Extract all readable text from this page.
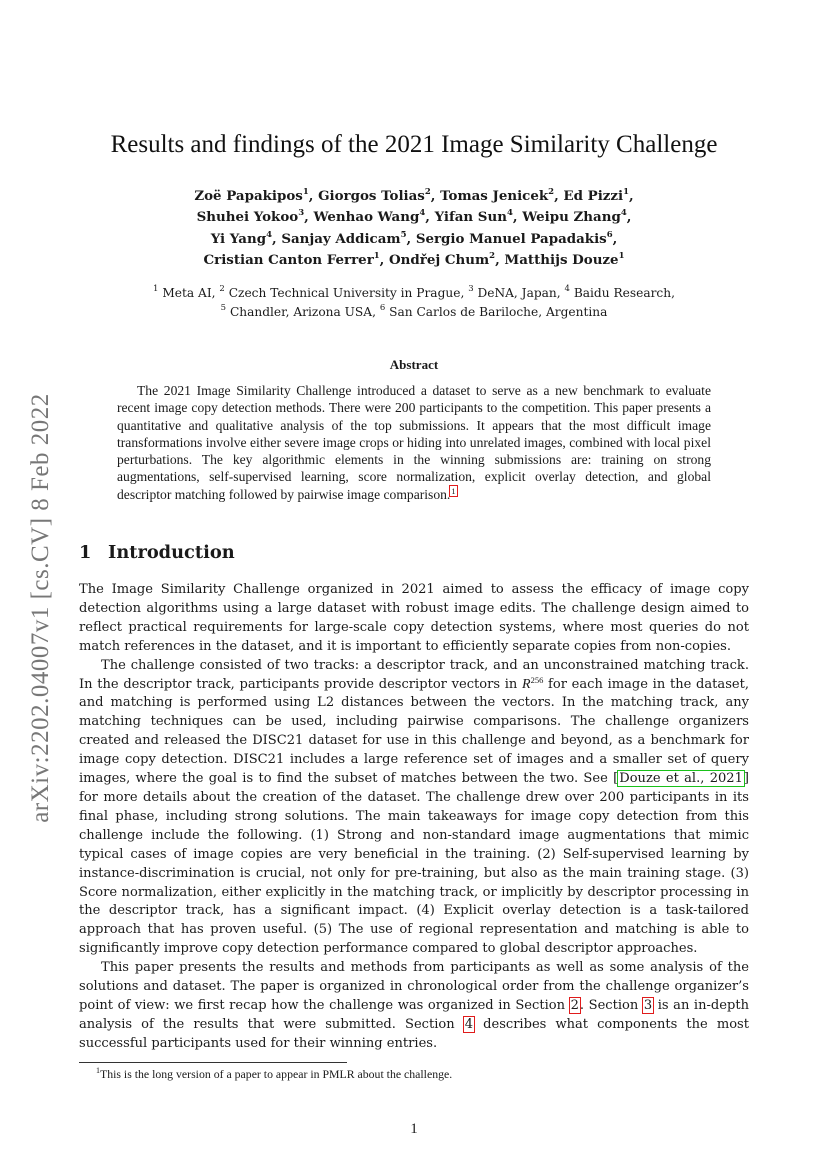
arXiv:2202.04007v1 [cs.CV] 8 Feb 2022
Results and findings of the 2021 Image Similarity Challenge
Zoë Papakipos$^1$, Giorgos Tolias$^2$, Tomas Jenicek$^2$, Ed Pizzi$^1$,
Shuhei Yokoo$^3$, Wenhao Wang$^4$, Yifan Sun$^4$, Weipu Zhang$^4$,
Yi Yang$^4$, Sanjay Addicam$^5$, Sergio Manuel Papadakis$^6$,
Cristian Canton Ferrer$^1$, Ondřej Chum$^2$, Matthijs Douze$^1$
$^1$ Meta AI, $^2$ Czech Technical University in Prague, $^3$ DeNA, Japan, $^4$ Baidu Research, $^5$ Chandler, Arizona USA, $^6$ San Carlos de Bariloche, Argentina
Abstract

The 2021 Image Similarity Challenge introduced a dataset to serve as a new benchmark to evaluate recent image copy detection methods. There were 200 participants to the competition. This paper presents a quantitative and qualitative analysis of the top submissions. It appears that the most difficult image transformations involve either severe image crops or hiding into unrelated images, combined with local pixel perturbations. The key algorithmic elements in the winning submissions are: training on strong augmentations, self-supervised learning, score normalization, explicit overlay detection, and global descriptor matching followed by pairwise image comparison.$^1$

1 Introduction

The Image Similarity Challenge organized in 2021 aimed to assess the efficacy of image copy detection algorithms using a large dataset with robust image edits. The challenge design aimed to reflect practical requirements for large-scale copy detection systems, where most queries do not match references in the dataset, and it is important to efficiently separate copies from non-copies.

The challenge consisted of two tracks: a descriptor track, and an unconstrained matching track. In the descriptor track, participants provide descriptor vectors in $R^{256}$ for each image in the dataset, and matching is performed using L2 distances between the vectors. In the matching track, any matching techniques can be used, including pairwise comparisons. The challenge organizers created and released the DISC21 dataset for use in this challenge and beyond, as a benchmark for image copy detection. DISC21 includes a large reference set of images and a smaller set of query images, where the goal is to find the subset of matches between the two. See [Douze et al., 2021] for more details about the creation of the dataset. The challenge drew over 200 participants in its final phase, including strong solutions. The main takeaways for image copy detection from this challenge include the following. (1) Strong and non-standard image augmentations that mimic typical cases of image copies are very beneficial in the training. (2) Self-supervised learning by instance-discrimination is crucial, not only for pre-training, but also as the main training stage. (3) Score normalization, either explicitly in the matching track, or implicitly by descriptor processing in the descriptor track, has a significant impact. (4) Explicit overlay detection is a task-tailored approach that has proven useful. (5) The use of regional representation and matching is able to significantly improve copy detection performance compared to global descriptor approaches.

This paper presents the results and methods from participants as well as some analysis of the solutions and dataset. The paper is organized in chronological order from the challenge organizer’s point of view: we first recap how the challenge was organized in Section 2. Section 3 is an in-depth analysis of the results that were submitted. Section 4 describes what components the most successful participants used for their winning entries.

$^1$This is the long version of a paper to appear in PMLR about the challenge.
1
